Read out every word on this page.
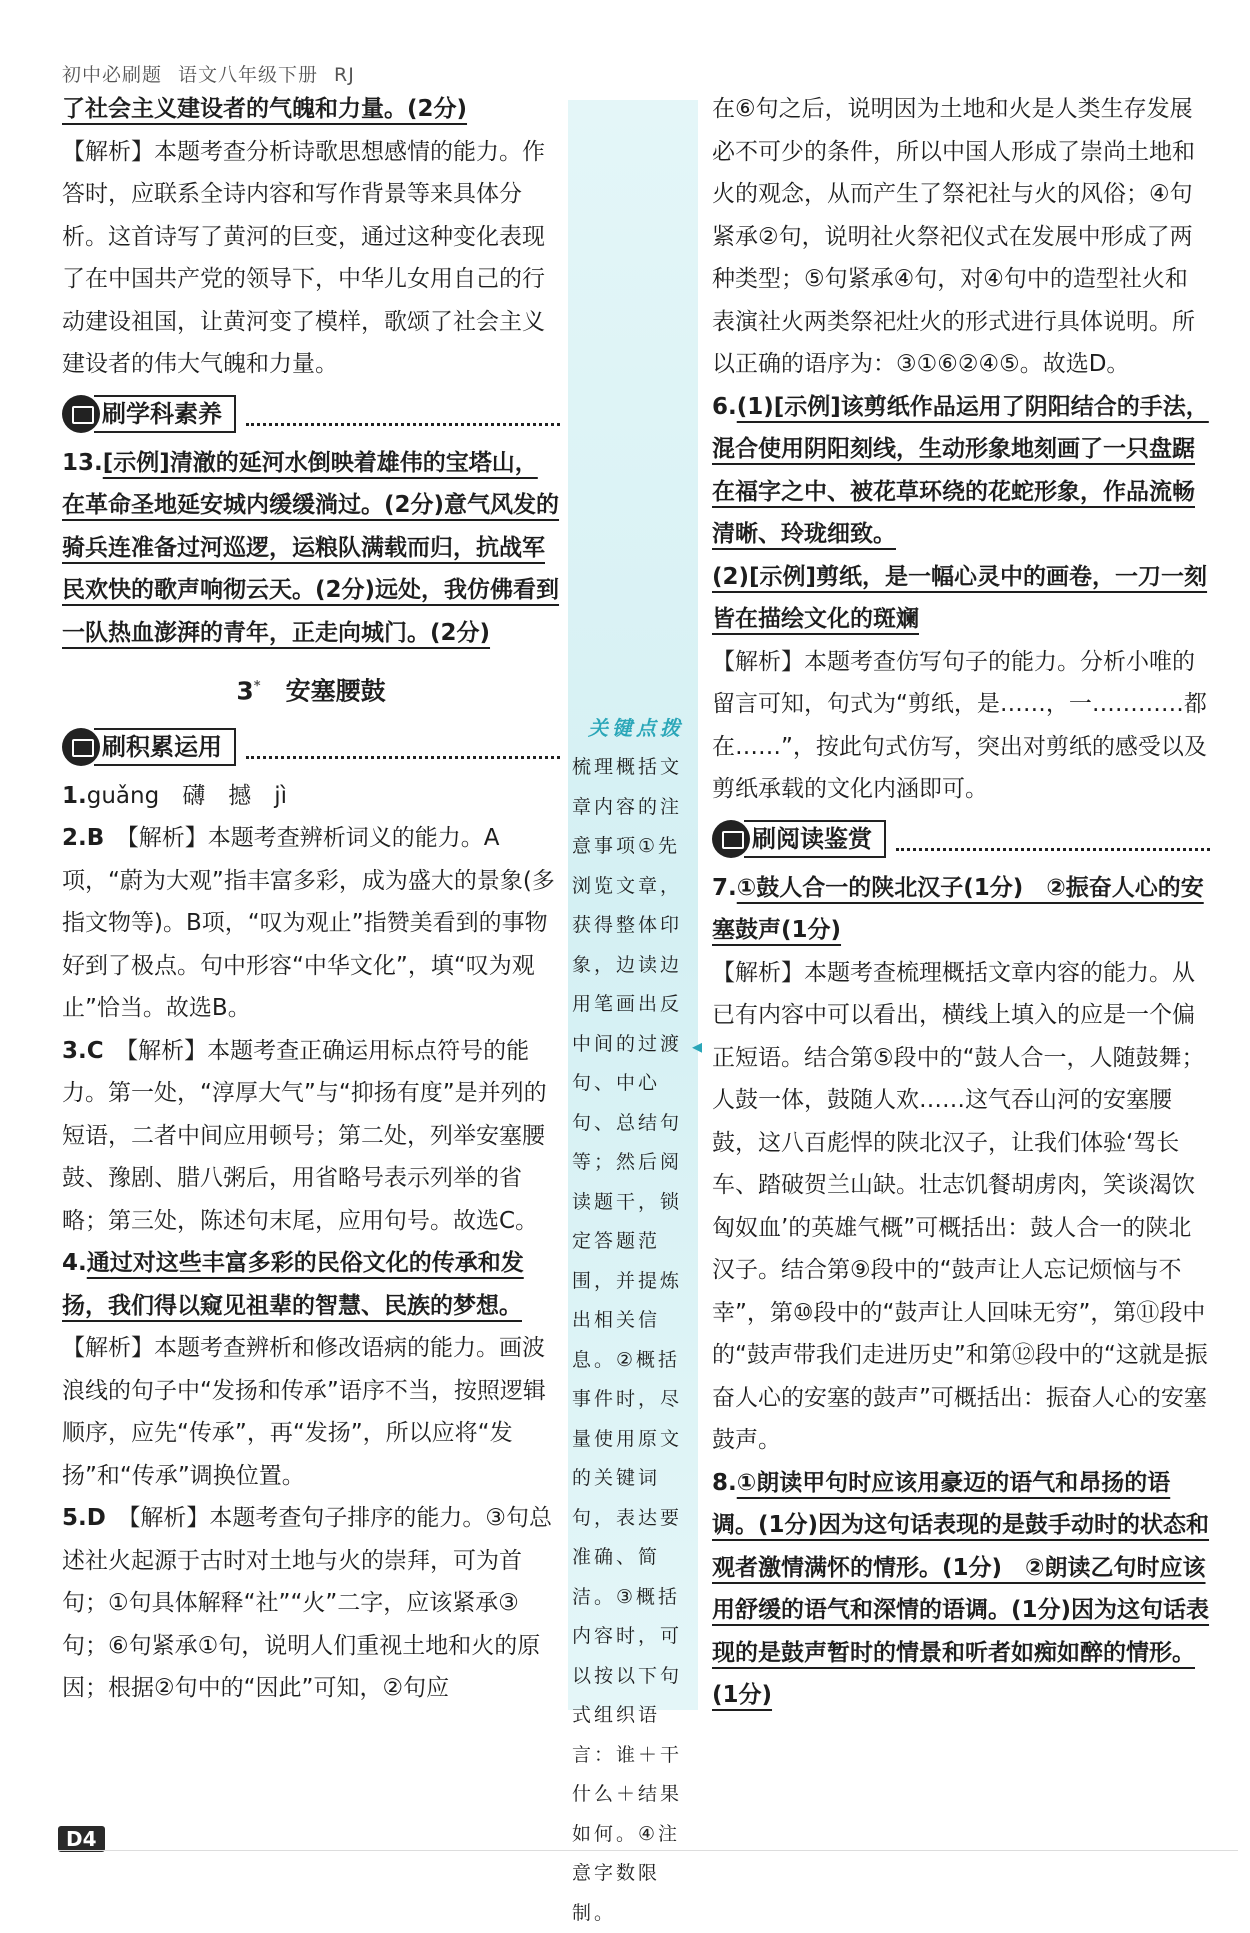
初中必刷题 语文八年级下册 RJ
关键点拨
梳理概括文章内容的注意事项①先浏览文章，获得整体印象，边读边用笔画出反中间的过渡句、中心句、总结句等；然后阅读题干，锁定答题范围，并提炼出相关信息。②概括事件时，尽量使用原文的关键词句，表达要准确、简洁。③概括内容时，可以按以下句式组织语言：谁＋干什么＋结果如何。④注意字数限制。
◂

了社会主义建设者的气魄和力量。(2分)

【解析】本题考查分析诗歌思想感情的能力。作答时，应联系全诗内容和写作背景等来具体分析。这首诗写了黄河的巨变，通过这种变化表现了在中国共产党的领导下，中华儿女用自己的行动建设祖国，让黄河变了模样，歌颂了社会主义建设者的伟大气魄和力量。

刷学科素养

13.[示例]清澈的延河水倒映着雄伟的宝塔山，在革命圣地延安城内缓缓淌过。(2分)意气风发的骑兵连准备过河巡逻，运粮队满载而归，抗战军民欢快的歌声响彻云天。(2分)远处，我仿佛看到一队热血澎湃的青年，正走向城门。(2分)

3*　 安塞腰鼓
刷积累运用

1.guǎng　礴　撼　jì

2.B　 【解析】本题考查辨析词义的能力。A项，“蔚为大观”指丰富多彩，成为盛大的景象(多指文物等)。B项，“叹为观止”指赞美看到的事物好到了极点。句中形容“中华文化”，填“叹为观止”恰当。故选B。

3.C　 【解析】本题考查正确运用标点符号的能力。第一处，“淳厚大气”与“抑扬有度”是并列的短语，二者中间应用顿号；第二处，列举安塞腰鼓、豫剧、腊八粥后，用省略号表示列举的省略；第三处，陈述句末尾，应用句号。故选C。

4.通过对这些丰富多彩的民俗文化的传承和发扬，我们得以窥见祖辈的智慧、民族的梦想。

【解析】本题考查辨析和修改语病的能力。画波浪线的句子中“发扬和传承”语序不当，按照逻辑顺序，应先“传承”，再“发扬”，所以应将“发扬”和“传承”调换位置。

5.D　 【解析】本题考查句子排序的能力。③句总述社火起源于古时对土地与火的崇拜，可为首句；①句具体解释“社”“火”二字，应该紧承③句；⑥句紧承①句，说明人们重视土地和火的原因；根据②句中的“因此”可知，②句应

在⑥句之后，说明因为土地和火是人类生存发展必不可少的条件，所以中国人形成了崇尚土地和火的观念，从而产生了祭祀社与火的风俗；④句紧承②句，说明社火祭祀仪式在发展中形成了两种类型；⑤句紧承④句，对④句中的造型社火和表演社火两类祭祀灶火的形式进行具体说明。所以正确的语序为：③①⑥②④⑤。故选D。

6.(1)[示例]该剪纸作品运用了阴阳结合的手法，混合使用阴阳刻线，生动形象地刻画了一只盘踞在福字之中、被花草环绕的花蛇形象，作品流畅清晰、玲珑细致。

(2)[示例]剪纸，是一幅心灵中的画卷，一刀一刻皆在描绘文化的斑斓

【解析】本题考查仿写句子的能力。分析小唯的留言可知，句式为“剪纸，是……，一…………都在……”，按此句式仿写，突出对剪纸的感受以及剪纸承载的文化内涵即可。

刷阅读鉴赏

7.①鼓人合一的陕北汉子(1分)　②振奋人心的安塞鼓声(1分)

【解析】本题考查梳理概括文章内容的能力。从已有内容中可以看出，横线上填入的应是一个偏正短语。结合第⑤段中的“鼓人合一，人随鼓舞；人鼓一体，鼓随人欢……这气吞山河的安塞腰鼓，这八百彪悍的陕北汉子，让我们体验‘驾长车、踏破贺兰山缺。壮志饥餐胡虏肉，笑谈渴饮匈奴血’的英雄气概”可概括出：鼓人合一的陕北汉子。结合第⑨段中的“鼓声让人忘记烦恼与不幸”，第⑩段中的“鼓声让人回味无穷”，第⑪段中的“鼓声带我们走进历史”和第⑫段中的“这就是振奋人心的安塞的鼓声”可概括出：振奋人心的安塞鼓声。

8.①朗读甲句时应该用豪迈的语气和昂扬的语调。(1分)因为这句话表现的是鼓手动时的状态和观者激情满怀的情形。(1分)　②朗读乙句时应该用舒缓的语气和深情的语调。(1分)因为这句话表现的是鼓声暂时的情景和听者如痴如醉的情形。(1分)

D4
